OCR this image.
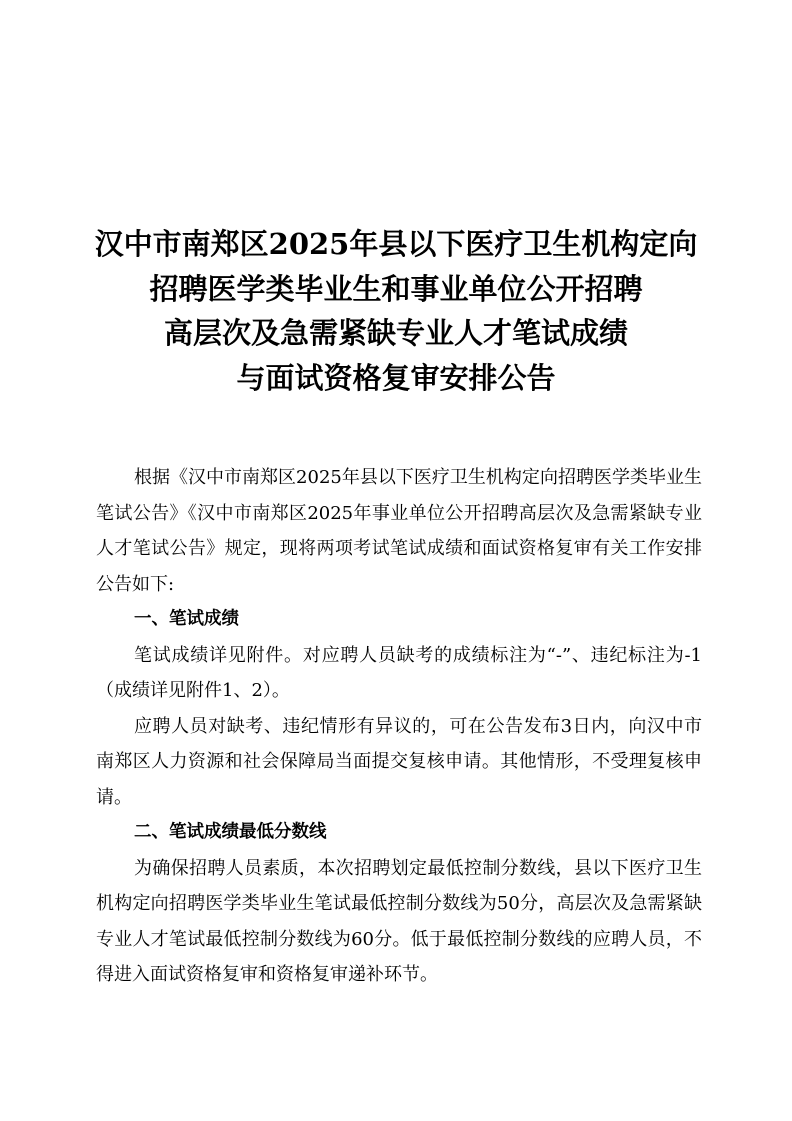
汉中市南郑区2025年县以下医疗卫生机构定向
招聘医学类毕业生和事业单位公开招聘
高层次及急需紧缺专业人才笔试成绩
与面试资格复审安排公告

根据《汉中市南郑区2025年县以下医疗卫生机构定向招聘医学类毕业生笔试公告》《汉中市南郑区2025年事业单位公开招聘高层次及急需紧缺专业人才笔试公告》规定，现将两项考试笔试成绩和面试资格复审有关工作安排公告如下:

一、笔试成绩

笔试成绩详见附件。对应聘人员缺考的成绩标注为“-”、违纪标注为-1（成绩详见附件1、2）。

应聘人员对缺考、违纪情形有异议的，可在公告发布3日内，向汉中市南郑区人力资源和社会保障局当面提交复核申请。其他情形，不受理复核申请。

二、笔试成绩最低分数线

为确保招聘人员素质，本次招聘划定最低控制分数线，县以下医疗卫生机构定向招聘医学类毕业生笔试最低控制分数线为50分，高层次及急需紧缺专业人才笔试最低控制分数线为60分。低于最低控制分数线的应聘人员，不得进入面试资格复审和资格复审递补环节。
